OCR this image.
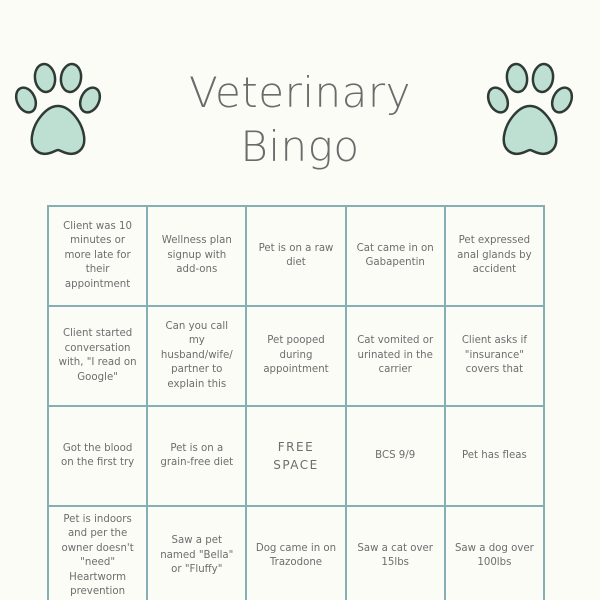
Veterinary
Bingo
Client was 10 minutes or more late for their appointment
Wellness plan signup with add-ons
Pet is on a raw diet
Cat came in on Gabapentin
Pet expressed anal glands by accident
Client started conversation with, "I read on Google"
Can you call my husband/wife/ partner to explain this
Pet pooped during appointment
Cat vomited or urinated in the carrier
Client asks if "insurance" covers that
Got the blood on the first try
Pet is on a grain-free diet
FREE SPACE
BCS 9/9	Pet has fleas
Pet is indoors and per the owner doesn't "need" Heartworm prevention
Saw a pet named "Bella" or "Fluffy"
Dog came in on Trazodone
Saw a cat over 15lbs
Saw a dog over 100lbs
